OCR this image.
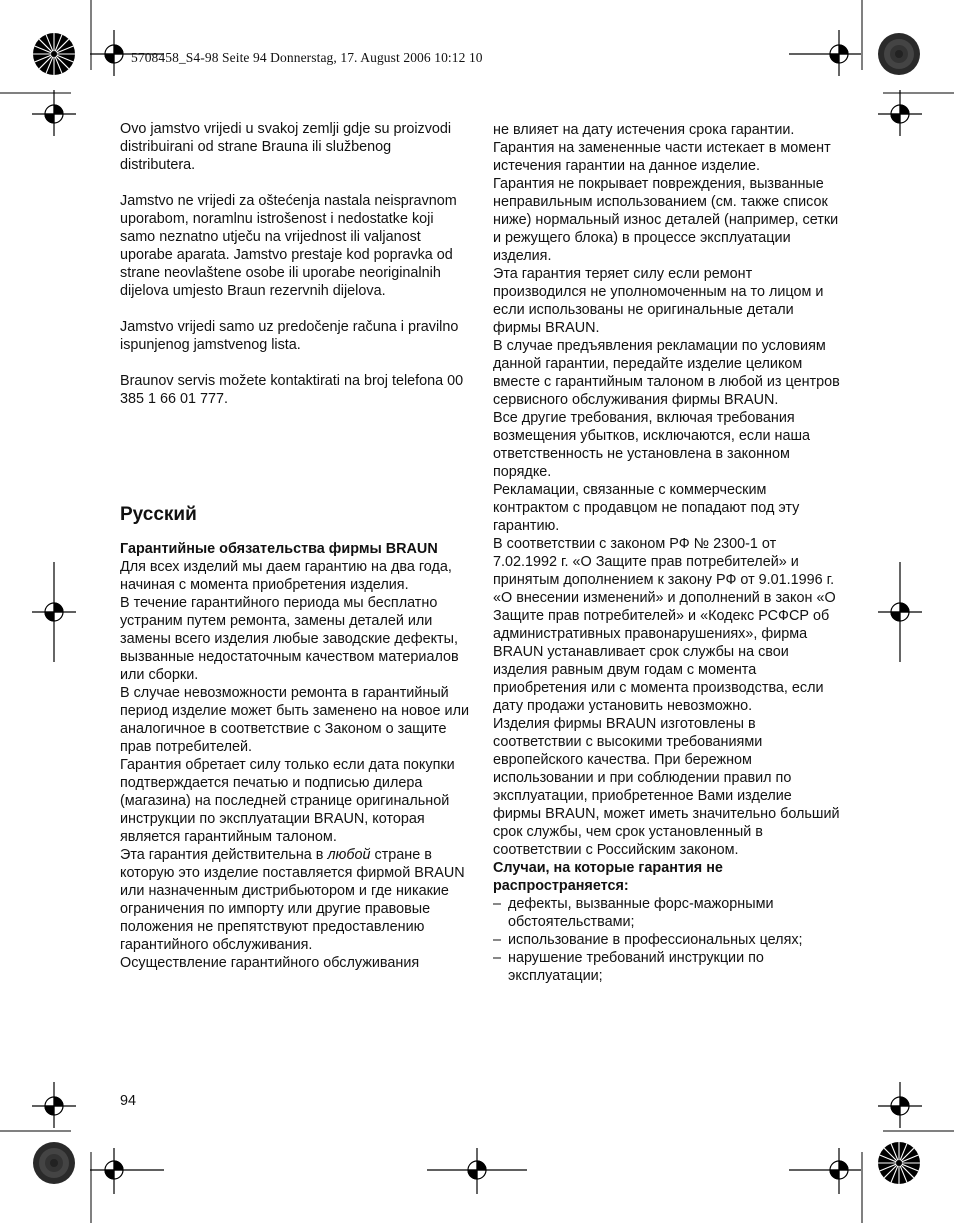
5708458_S4-98 Seite 94 Donnerstag, 17. August 2006 10:12 10

Ovo jamstvo vrijedi u svakoj zemlji gdje su proizvodi distribuirani od strane Brauna ili službenog distributera.

Jamstvo ne vrijedi za oštećenja nastala neispravnom uporabom, noramlnu istrošenost i nedostatke koji samo neznatno utječu na vrijednost ili valjanost uporabe aparata. Jamstvo prestaje kod popravka od strane neovlaštene osobe ili uporabe neoriginalnih dijelova umjesto Braun rezervnih dijelova.

Jamstvo vrijedi samo uz predočenje računa i pravilno ispunjenog jamstvenog lista.

Braunov servis možete kontaktirati na broj telefona 00 385 1 66 01 777.

Русский

Гарантийные обязательства фирмы BRAUN

Для всех изделий мы даем гарантию на два года, начиная с момента приобретения изделия.

В течение гарантийного периода мы бесплатно устраним путем ремонта, замены деталей или замены всего изделия любые заводские дефекты, вызванные недостаточным качеством материалов или сборки.

В случае невозможности ремонта в гарантийный период изделие может быть заменено на новое или аналогичное в соответствие с Законом о защите прав потребителей.

Гарантия обретает силу только если дата покупки подтверждается печатью и подписью дилера (магазина) на последней странице оригинальной инструкции по эксплуатации BRAUN, которая является гарантийным талоном.

Эта гарантия действительна в любой стране в которую это изделие поставляется фирмой BRAUN или назначенным дистрибьютором и где никакие ограничения по импорту или другие правовые положения не препятствуют предоставлению гарантийного обслуживания.

Осуществление гарантийного обслуживания

не влияет на дату истечения срока гарантии. Гарантия на замененные части истекает в момент истечения гарантии на данное изделие.

Гарантия не покрывает повреждения, вызванные неправильным использованием (см. также список ниже) нормальный износ деталей (например, сетки и режущего блока) в процессе эксплуатации изделия.

Эта гарантия теряет силу если ремонт производился не уполномоченным на то лицом и если использованы не оригинальные детали фирмы BRAUN.

В случае предъявления рекламации по условиям данной гарантии, передайте изделие целиком вместе с гарантийным талоном в любой из центров сервисного обслуживания фирмы BRAUN.

Все другие требования, включая требования возмещения убытков, исключаются, если наша ответственность не установлена в законном порядке.

Рекламации, связанные с коммерческим контрактом с продавцом не попадают под эту гарантию.

В соответствии с законом РФ № 2300-1 от 7.02.1992 г. «О Защите прав потребителей» и принятым дополнением к закону РФ от 9.01.1996 г. «О внесении изменений» и дополнений в закон «О Защите прав потребителей» и «Кодекс РСФСР об административных правонарушениях», фирма BRAUN устанавливает срок службы на свои изделия равным двум годам с момента приобретения или с момента производства, если дату продажи установить невозможно.

Изделия фирмы BRAUN изготовлены в соответствии с высокими требованиями европейского качества. При бережном использовании и при соблюдении правил по эксплуатации, приобретенное Вами изделие фирмы BRAUN, может иметь значительно больший срок службы, чем срок установленный в соответствии с Российским законом.

Случаи, на которые гарантия не распространяется:

– дефекты, вызванные форс-мажорными обстоятельствами;
– использование в профессиональных целях;
– нарушение требований инструкции по эксплуатации;
94
